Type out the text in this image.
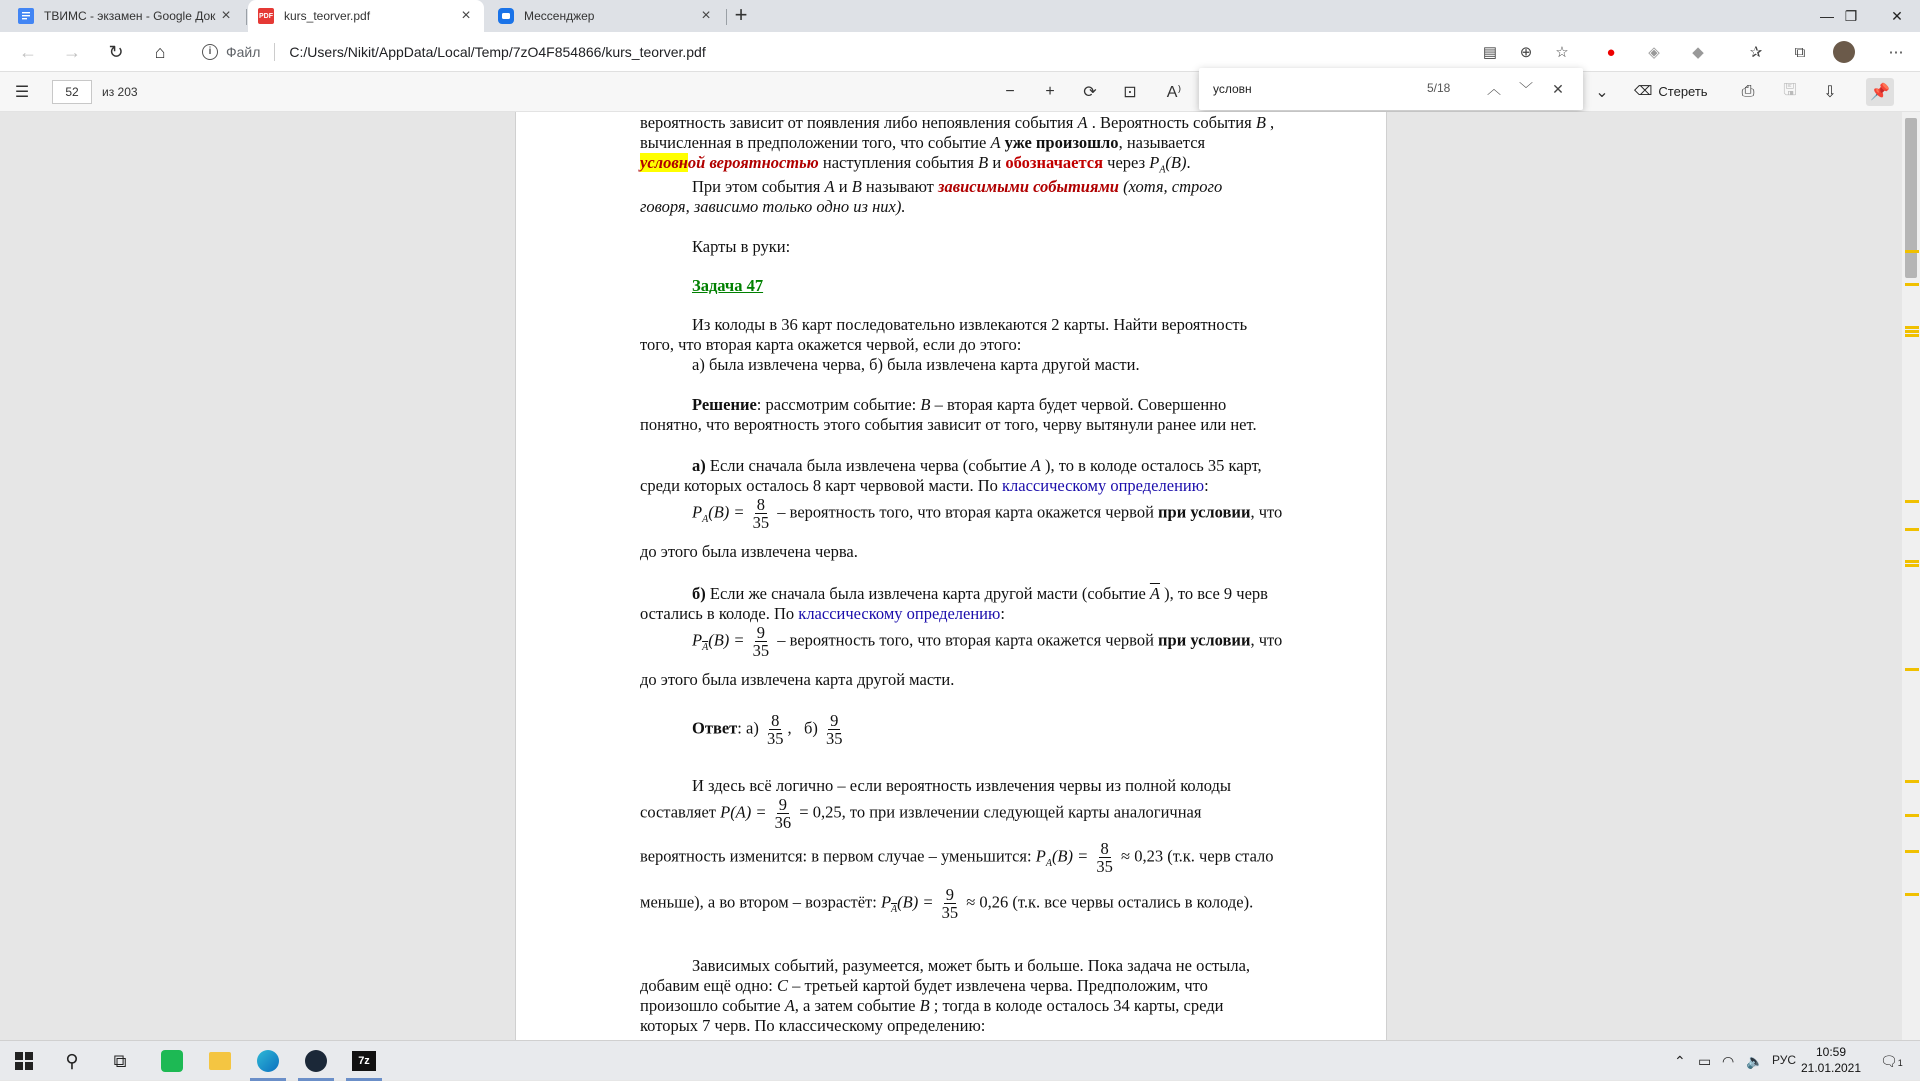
ТВИМС - экзамен - Google Док ×	PDF kurs_teorver.pdf	×	Мессенджер	× +	— ❐	✕
← →	↻	⌂	i	Файл C:/Users/Nikit/AppData/Local/Temp/7zO4F854866/kurs_teorver.pdf	▤	⊕	☆	●	◈	◆	✰	⧉	⋯
☰	52	из 203	−	+	⟳	⊡	A⁾	⌄	⌫ Стереть	⎙	🖫	⇩	📌
условн
5/18	︿	﹀	✕
вероятность зависит от появления либо непоявления события A . Вероятность события B ,
вычисленная в предположении того, что событие A уже произошло, называется
условной вероятностью наступления события B и обозначается через $P_A(B)$.
При этом события A и B называют зависимыми событиями (хотя, строго
говоря, зависимо только одно из них).
Карты в руки:
Задача 47
Из колоды в 36 карт последовательно извлекаются 2 карты. Найти вероятность
того, что вторая карта окажется червой, если до этого:
а) была извлечена черва, б) была извлечена карта другой масти.
Решение: рассмотрим событие: B – вторая карта будет червой. Совершенно
понятно, что вероятность этого события зависит от того, черву вытянули ранее или нет.
а) Если сначала была извлечена черва (событие A ), то в колоде осталось 35 карт,
среди которых осталось 8 карт червовой масти. По классическому определению:
$P_A(B) = \frac{8}{35}$ – вероятность того, что вторая карта окажется червой при условии, что
до этого была извлечена черва.
б) Если же сначала была извлечена карта другой масти (событие $\overline{A}$ ), то все 9 черв
остались в колоде. По классическому определению:
$P_{\overline{A}}(B) = \frac{9}{35}$ – вероятность того, что вторая карта окажется червой при условии, что
до этого была извлечена карта другой масти.
Ответ: $а) \frac{8}{35}$ , $б) \frac{9}{35}$
И здесь всё логично – если вероятность извлечения червы из полной колоды
составляет $P(A) = \frac{9}{36} = 0,25$, то при извлечении следующей карты аналогичная
вероятность изменится: в первом случае – уменьшится: $P_A(B) = \frac{8}{35} \approx 0,23$ (т.к. черв стало
меньше), а во втором – возрастёт: $P_{\overline{A}}(B) = \frac{9}{35} \approx 0,26$ (т.к. все червы остались в колоде).
Зависимых событий, разумеется, может быть и больше. Пока задача не остыла,
добавим ещё одно: C – третьей картой будет извлечена черва. Предположим, что
произошло событие A, а затем событие B ; тогда в колоде осталось 34 карты, среди
которых 7 черв. По классическому определению:
⚲	⧉	7z	⌃ ▭ ◠ 🔈 РУС
10:59
21.01.2021	🗨1
